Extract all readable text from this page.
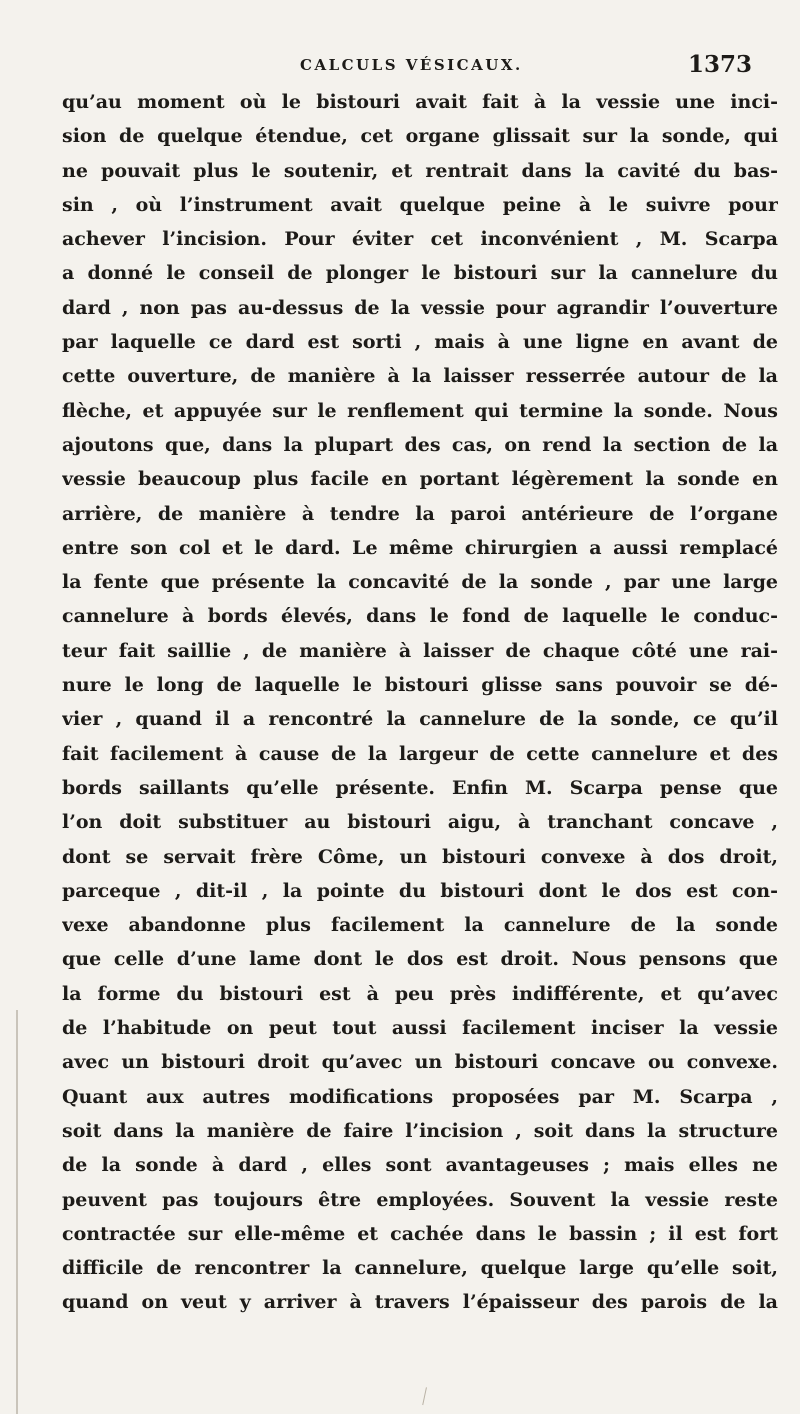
CALCULS VÉSICAUX.	1373
qu’au moment où le bistouri avait fait à la vessie une inci-
sion de quelque étendue, cet organe glissait sur la sonde, qui
ne pouvait plus le soutenir, et rentrait dans la cavité du bas-
sin , où l’instrument avait quelque peine à le suivre pour
achever l’incision. Pour éviter cet inconvénient , M. Scarpa
a donné le conseil de plonger le bistouri sur la cannelure du
dard , non pas au-dessus de la vessie pour agrandir l’ouverture
par laquelle ce dard est sorti , mais à une ligne en avant de
cette ouverture, de manière à la laisser resserrée autour de la
flèche, et appuyée sur le renflement qui termine la sonde. Nous
ajoutons que, dans la plupart des cas, on rend la section de la
vessie beaucoup plus facile en portant légèrement la sonde en
arrière, de manière à tendre la paroi antérieure de l’organe
entre son col et le dard. Le même chirurgien a aussi remplacé
la fente que présente la concavité de la sonde , par une large
cannelure à bords élevés, dans le fond de laquelle le conduc-
teur fait saillie , de manière à laisser de chaque côté une rai-
nure le long de laquelle le bistouri glisse sans pouvoir se dé-
vier , quand il a rencontré la cannelure de la sonde, ce qu’il
fait facilement à cause de la largeur de cette cannelure et des
bords saillants qu’elle présente. Enfin M. Scarpa pense que
l’on doit substituer au bistouri aigu, à tranchant concave ,
dont se servait frère Côme, un bistouri convexe à dos droit,
parceque , dit-il , la pointe du bistouri dont le dos est con-
vexe abandonne plus facilement la cannelure de la sonde
que celle d’une lame dont le dos est droit. Nous pensons que
la forme du bistouri est à peu près indifférente, et qu’avec
de l’habitude on peut tout aussi facilement inciser la vessie
avec un bistouri droit qu’avec un bistouri concave ou convexe.
Quant aux autres modifications proposées par M. Scarpa ,
soit dans la manière de faire l’incision , soit dans la structure
de la sonde à dard , elles sont avantageuses ; mais elles ne
peuvent pas toujours être employées. Souvent la vessie reste
contractée sur elle-même et cachée dans le bassin ; il est fort
difficile de rencontrer la cannelure, quelque large qu’elle soit,
quand on veut y arriver à travers l’épaisseur des parois de la
